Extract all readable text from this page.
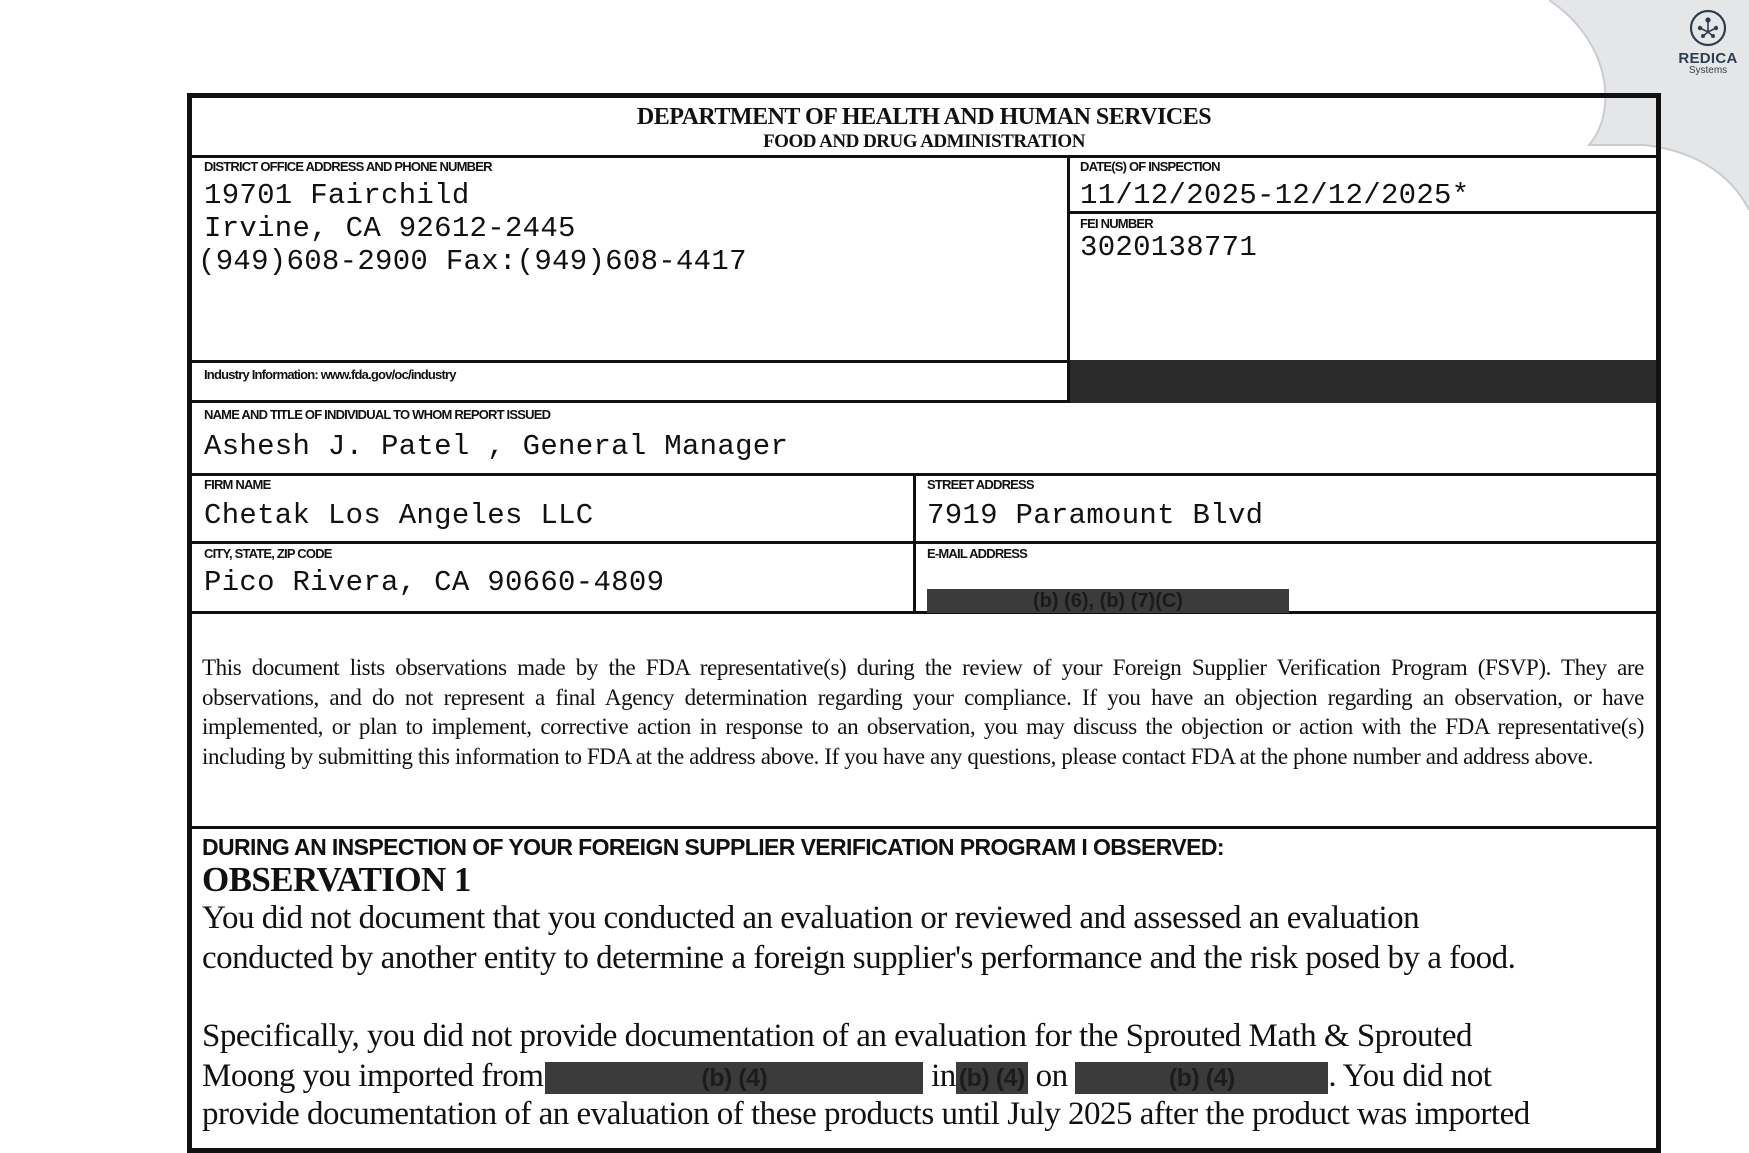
REDICA
Systems
DEPARTMENT OF HEALTH AND HUMAN SERVICES
FOOD AND DRUG ADMINISTRATION
DISTRICT OFFICE ADDRESS AND PHONE NUMBER
19701 Fairchild
Irvine, CA 92612-2445
(949)608-2900 Fax:(949)608-4417
DATE(S) OF INSPECTION
11/12/2025-12/12/2025*
FEI NUMBER
3020138771
Industry Information: www.fda.gov/oc/industry
NAME AND TITLE OF INDIVIDUAL TO WHOM REPORT ISSUED
Ashesh J. Patel , General Manager
FIRM NAME
Chetak Los Angeles LLC
STREET ADDRESS
7919 Paramount Blvd
CITY, STATE, ZIP CODE
Pico Rivera, CA 90660-4809
E-MAIL ADDRESS
(b) (6), (b) (7)(C)
This document lists observations made by the FDA representative(s) during the review of your Foreign Supplier Verification Program (FSVP). They are observations, and do not represent a final Agency determination regarding your compliance. If you have an objection regarding an observation, or have implemented, or plan to implement, corrective action in response to an observation, you may discuss the objection or action with the FDA representative(s) including by submitting this information to FDA at the address above. If you have any questions, please contact FDA at the phone number and address above.
DURING AN INSPECTION OF YOUR FOREIGN SUPPLIER VERIFICATION PROGRAM I OBSERVED:
OBSERVATION 1
You did not document that you conducted an evaluation or reviewed and assessed an evaluation
conducted by another entity to determine a foreign supplier's performance and the risk posed by a food.
Specifically, you did not provide documentation of an evaluation for the Sprouted Math & Sprouted
Moong you imported from	(b) (4)	in (b) (4) on	(b) (4)	. You did not
provide documentation of an evaluation of these products until July 2025 after the product was imported
